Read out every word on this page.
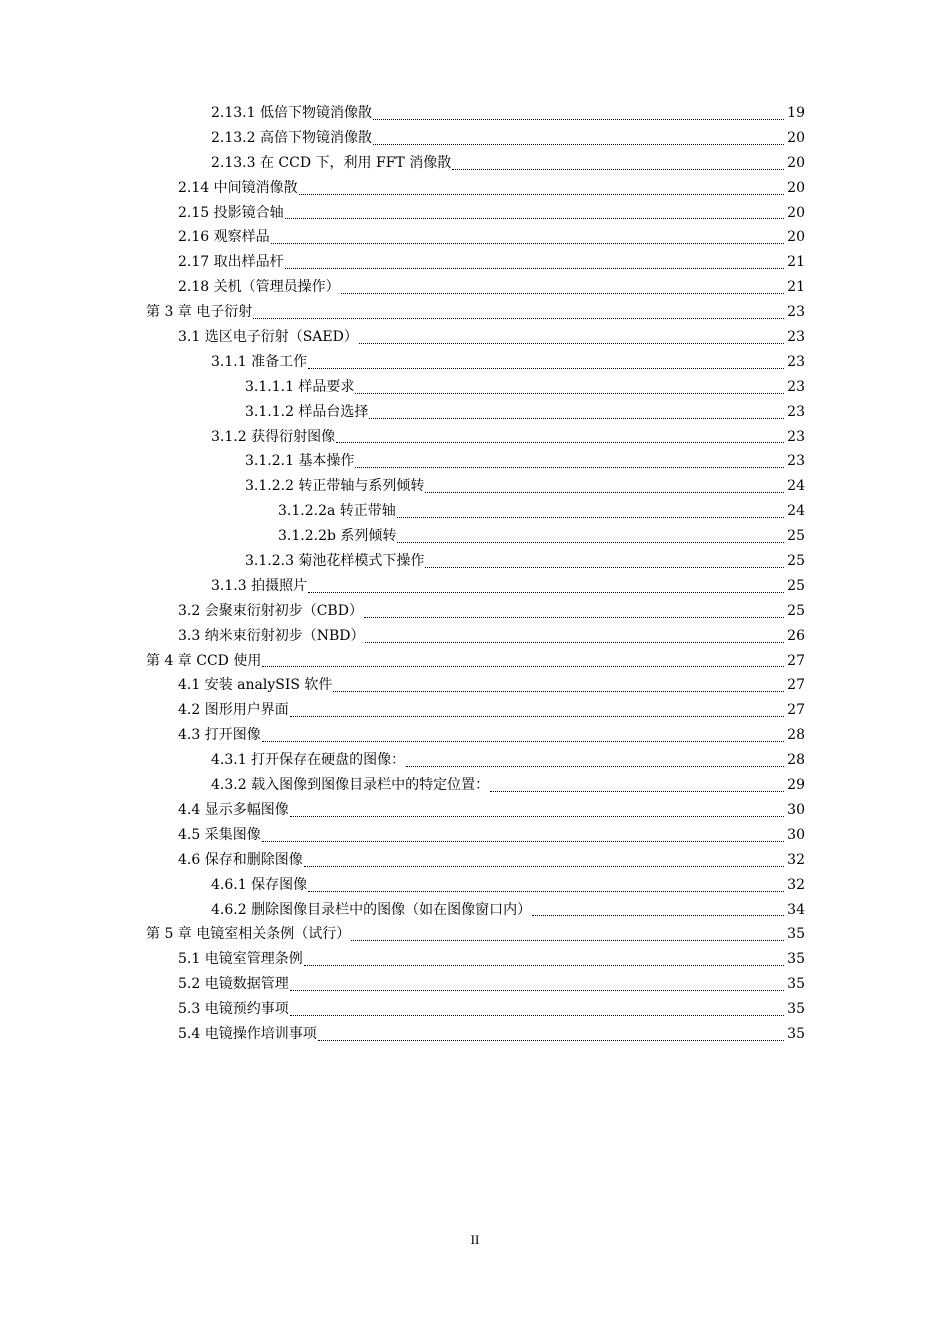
2.13.1 低倍下物镜消像散	19
2.13.2 高倍下物镜消像散	20
2.13.3 在 CCD 下，利用 FFT 消像散	20
2.14 中间镜消像散	20
2.15 投影镜合轴	20
2.16 观察样品	20
2.17 取出样品杆	21
2.18 关机（管理员操作）	21
第 3 章 电子衍射	23
3.1 选区电子衍射（SAED）	23
3.1.1 准备工作	23
3.1.1.1 样品要求	23
3.1.1.2 样品台选择	23
3.1.2 获得衍射图像	23
3.1.2.1 基本操作	23
3.1.2.2 转正带轴与系列倾转	24
3.1.2.2a 转正带轴	24
3.1.2.2b 系列倾转	25
3.1.2.3 菊池花样模式下操作	25
3.1.3 拍摄照片	25
3.2 会聚束衍射初步（CBD）	25
3.3 纳米束衍射初步（NBD）	26
第 4 章 CCD 使用	27
4.1 安装 analySIS 软件	27
4.2 图形用户界面	27
4.3 打开图像	28
4.3.1 打开保存在硬盘的图像：	28
4.3.2 载入图像到图像目录栏中的特定位置：	29
4.4 显示多幅图像	30
4.5 采集图像	30
4.6 保存和删除图像	32
4.6.1 保存图像	32
4.6.2 删除图像目录栏中的图像（如在图像窗口内）	34
第 5 章 电镜室相关条例（试行）	35
5.1 电镜室管理条例	35
5.2 电镜数据管理	35
5.3 电镜预约事项	35
5.4 电镜操作培训事项	35
II
